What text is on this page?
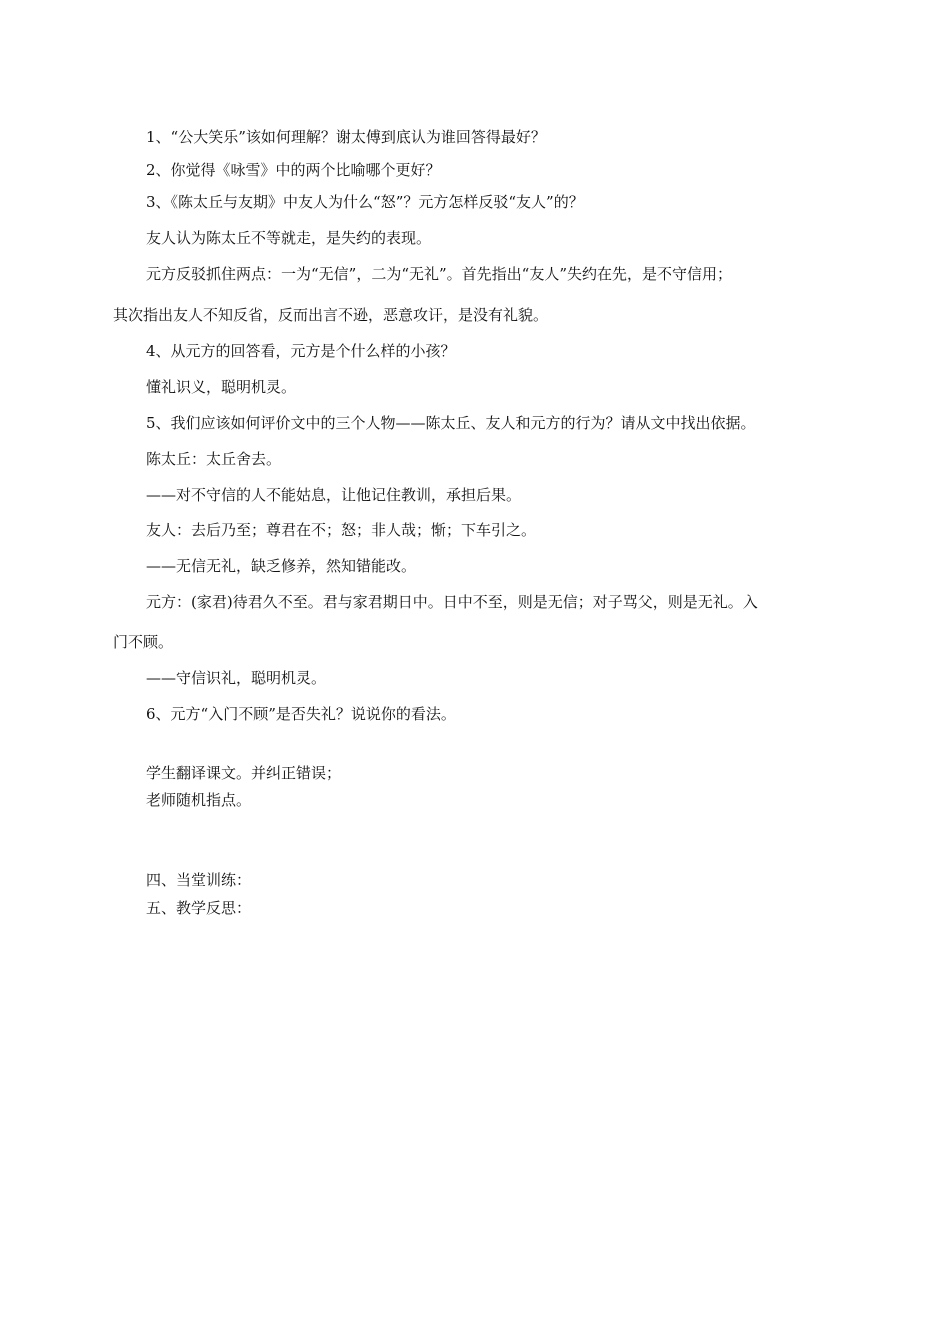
1、“公大笑乐”该如何理解？谢太傅到底认为谁回答得最好？
2、你觉得《咏雪》中的两个比喻哪个更好？
3、《陈太丘与友期》中友人为什么“怒”？元方怎样反驳“友人”的？
友人认为陈太丘不等就走，是失约的表现。
元方反驳抓住两点：一为“无信”，二为“无礼”。首先指出“友人”失约在先，是不守信用；
其次指出友人不知反省，反而出言不逊，恶意攻讦，是没有礼貌。
4、从元方的回答看，元方是个什么样的小孩？
懂礼识义，聪明机灵。
5、我们应该如何评价文中的三个人物——陈太丘、友人和元方的行为？请从文中找出依据。
陈太丘：太丘舍去。
——对不守信的人不能姑息，让他记住教训，承担后果。
友人：去后乃至；尊君在不；怒；非人哉；惭；下车引之。
——无信无礼，缺乏修养，然知错能改。
元方：(家君)待君久不至。君与家君期日中。日中不至，则是无信；对子骂父，则是无礼。入
门不顾。
——守信识礼，聪明机灵。
6、元方“入门不顾”是否失礼？说说你的看法。
学生翻译课文。并纠正错误；
老师随机指点。
四、当堂训练：
五、教学反思：
